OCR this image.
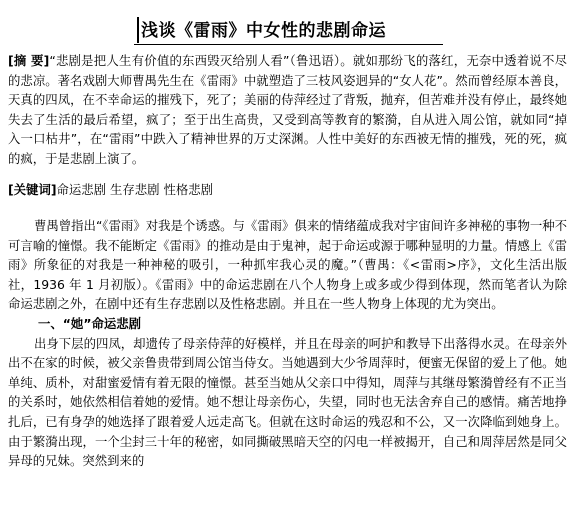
浅谈《雷雨》中女性的悲剧命运
[摘 要]“悲剧是把人生有价值的东西毁灭给别人看”（鲁迅语）。就如那纷飞的落红，无奈中透着说不尽的悲凉。著名戏剧大师曹禺先生在《雷雨》中就塑造了三枝风姿迥异的“女人花”。然而曾经原本善良，天真的四凤，在不幸命运的摧残下，死了；美丽的侍萍经过了背叛，抛弃，但苦难并没有停止，最终她失去了生活的最后希望，疯了；至于出生高贵，又受到高等教育的繁漪，自从进入周公馆，就如同“掉入一口枯井”，在“雷雨”中跌入了精神世界的万丈深渊。人性中美好的东西被无情的摧残，死的死，疯的疯，于是悲剧上演了。
[关键词]命运悲剧 生存悲剧 性格悲剧

曹禺曾指出“《雷雨》对我是个诱惑。与《雷雨》俱来的情绪蕴成我对宇宙间许多神秘的事物一种不可言喻的憧憬。我不能断定《雷雨》的推动是由于鬼神，起于命运或源于哪种显明的力量。情感上《雷雨》所象征的对我是一种神秘的吸引，一种抓牢我心灵的魔。”（曹禺：《<雷雨>序》，文化生活出版社，1936 年 1 月初版）。《雷雨》中的命运悲剧在八个人物身上或多或少得到体现，然而笔者认为除命运悲剧之外，在剧中还有生存悲剧以及性格悲剧。并且在一些人物身上体现的尤为突出。

一、“她”命运悲剧

出身下层的四凤，却遗传了母亲侍萍的好模样，并且在母亲的呵护和教导下出落得水灵。在母亲外出不在家的时候，被父亲鲁贵带到周公馆当侍女。当她遇到大少爷周萍时，便蜜无保留的爱上了他。她单纯、质朴，对甜蜜爱情有着无限的憧憬。甚至当她从父亲口中得知，周萍与其继母繁漪曾经有不正当的关系时，她依然相信着她的爱情。她不想让母亲伤心，失望，同时也无法舍弃自己的感情。痛苦地挣扎后，已有身孕的她选择了跟着爱人远走高飞。但就在这时命运的残忍和不公，又一次降临到她身上。由于繁漪出现，一个尘封三十年的秘密，如同撕破黑暗天空的闪电一样被揭开，自己和周萍居然是同父异母的兄妹。突然到来的
